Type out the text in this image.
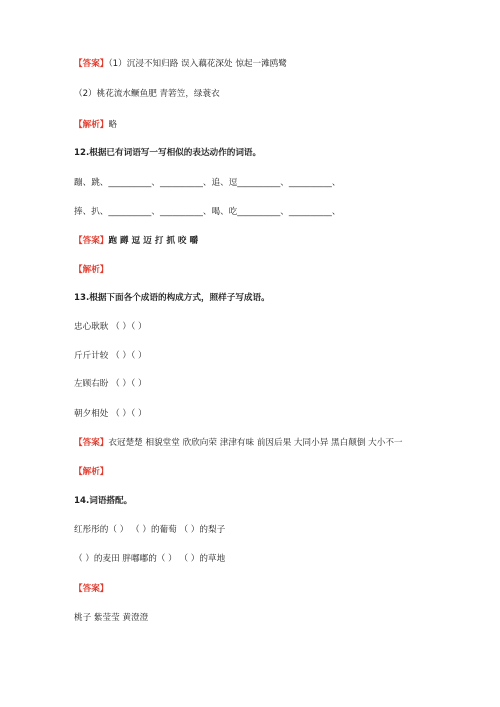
【答案】（1）沉浸不知归路 误入藕花深处 惊起一滩鸥鹭
（2）桃花流水鳜鱼肥 青箬笠，绿蓑衣
【解析】略
12.根据已有词语写一写相似的表达动作的词语。
蹦、跳、__________、__________、追、逗__________、__________、
捧、扒、__________、__________、喝、吃__________、__________、
【答案】跑 蹲 逗 迈 打 抓 咬 嚼
【解析】
13.根据下面各个成语的构成方式，照样子写成语。
忠心耿耿 （ ）（ ）
斤斤计较 （ ）（ ）
左顾右盼 （ ）（ ）
朝夕相处 （ ）（ ）
【答案】衣冠楚楚 相貌堂堂 欣欣向荣 津津有味 前因后果 大同小异 黑白颠倒 大小不一
【解析】
14.词语搭配。
红彤彤的（ ） （ ）的葡萄 （ ）的梨子
（ ）的麦田 胖嘟嘟的（ ） （ ）的草地
【答案】
桃子 紫莹莹 黄澄澄
